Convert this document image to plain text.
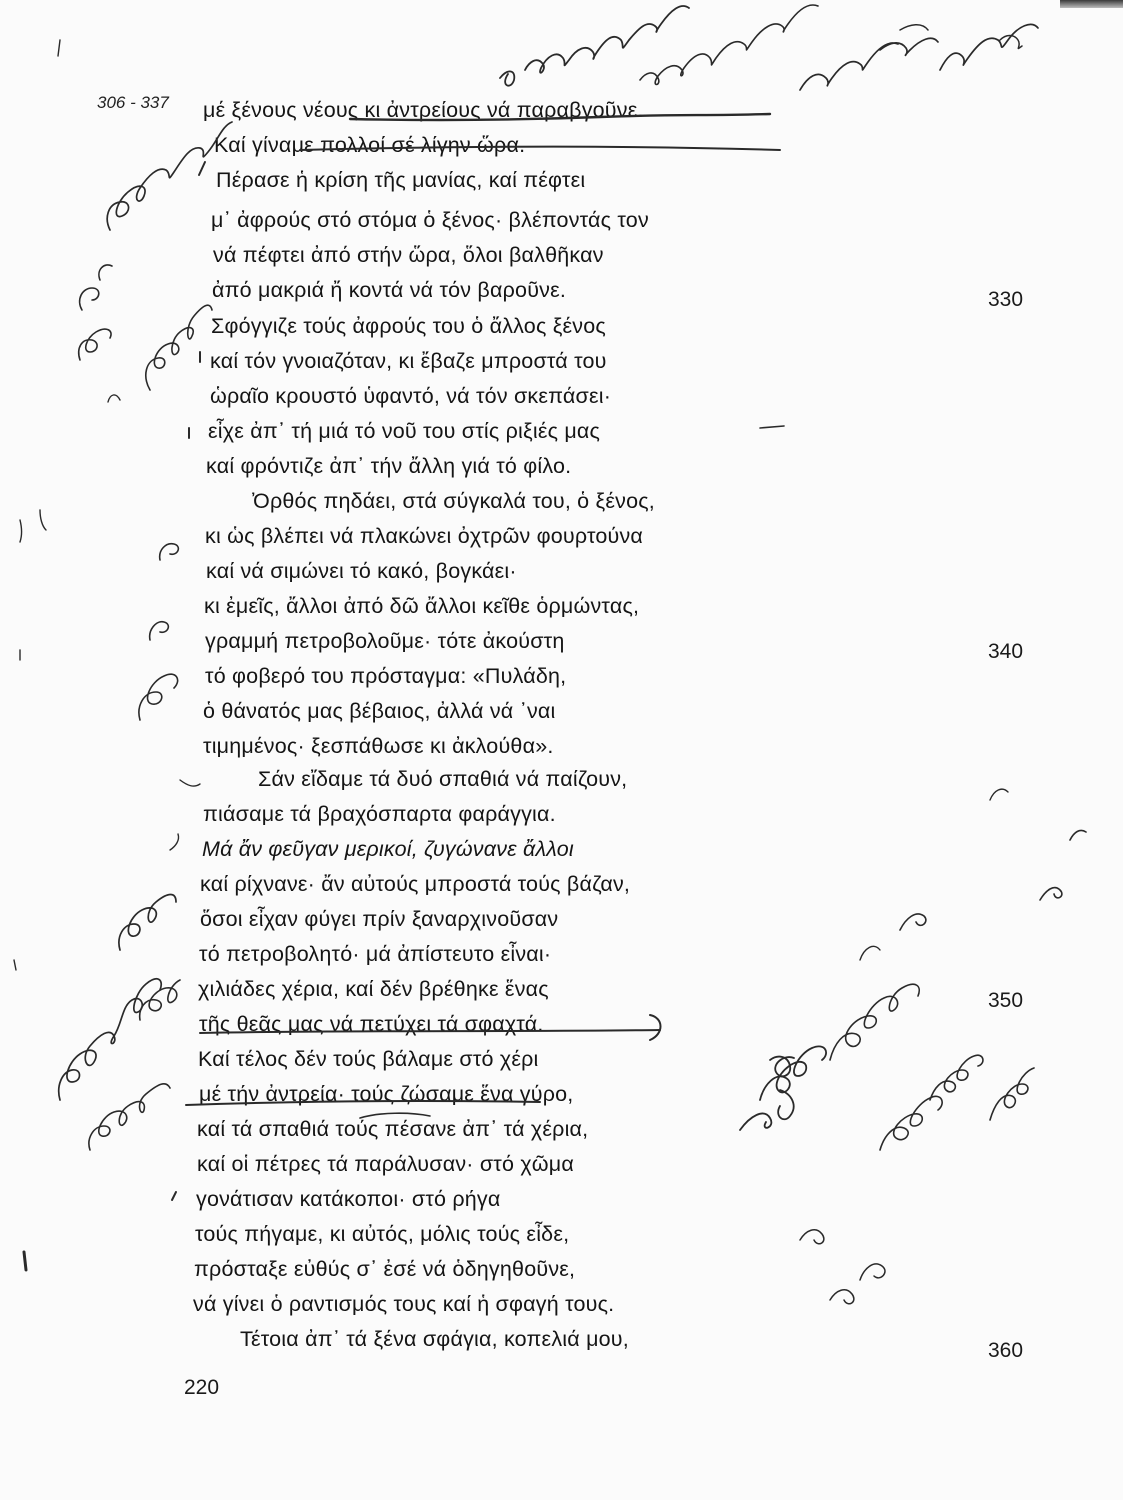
306 - 337 μέ ξένους νέους κι ἀντρείους νά παραβγοῦνε.
Καί γίναμε πολλοί σέ λίγην ὥρα.
Πέρασε ἡ κρίση τῆς μανίας, καί πέφτει
μ᾽ ἀφρούς στό στόμα ὁ ξένος· βλέποντάς τον
νά πέφτει ἀπό στήν ὥρα, ὅλοι βαλθῆκαν
ἀπό μακριά ἤ κοντά νά τόν βαροῦνε.
Σφόγγιζε τούς ἀφρούς του ὁ ἄλλος ξένος
καί τόν γνοιαζόταν, κι ἔβαζε μπροστά του
ὡραῖο κρουστό ὑφαντό, νά τόν σκεπάσει·
εἶχε ἀπ᾽ τή μιά τό νοῦ του στίς ριξιές μας
καί φρόντιζε ἀπ᾽ τήν ἄλλη γιά τό φίλο.
Ὀρθός πηδάει, στά σύγκαλά του, ὁ ξένος,
κι ὡς βλέπει νά πλακώνει ὀχτρῶν φουρτούνα
καί νά σιμώνει τό κακό, βογκάει·
κι ἐμεῖς, ἄλλοι ἀπό δῶ ἄλλοι κεῖθε ὁρμώντας,
γραμμή πετροβολοῦμε· τότε ἀκούστη
τό φοβερό του πρόσταγμα: «Πυλάδη,
ὁ θάνατός μας βέβαιος, ἀλλά νά ᾽ναι
τιμημένος· ξεσπάθωσε κι ἀκλούθα».
Σάν εἴδαμε τά δυό σπαθιά νά παίζουν,
πιάσαμε τά βραχόσπαρτα φαράγγια.
Μά ἄν φεῦγαν μερικοί, ζυγώνανε ἄλλοι
καί ρίχνανε· ἄν αὐτούς μπροστά τούς βάζαν,
ὅσοι εἶχαν φύγει πρίν ξαναρχινοῦσαν
τό πετροβολητό· μά ἀπίστευτο εἶναι·
χιλιάδες χέρια, καί δέν βρέθηκε ἕνας
τῆς θεᾶς μας νά πετύχει τά σφαχτά.
Καί τέλος δέν τούς βάλαμε στό χέρι
μέ τήν ἀντρεία· τούς ζώσαμε ἕνα γύρο,
καί τά σπαθιά τούς πέσανε ἀπ᾽ τά χέρια,
καί οἱ πέτρες τά παράλυσαν· στό χῶμα
γονάτισαν κατάκοποι· στό ρήγα
τούς πήγαμε, κι αὐτός, μόλις τούς εἶδε,
πρόσταξε εὐθύς σ᾽ ἐσέ νά ὁδηγηθοῦνε,
νά γίνει ὁ ραντισμός τους καί ἡ σφαγή τους.
Τέτοια ἀπ᾽ τά ξένα σφάγια, κοπελιά μου,
330
340
350
360
220
